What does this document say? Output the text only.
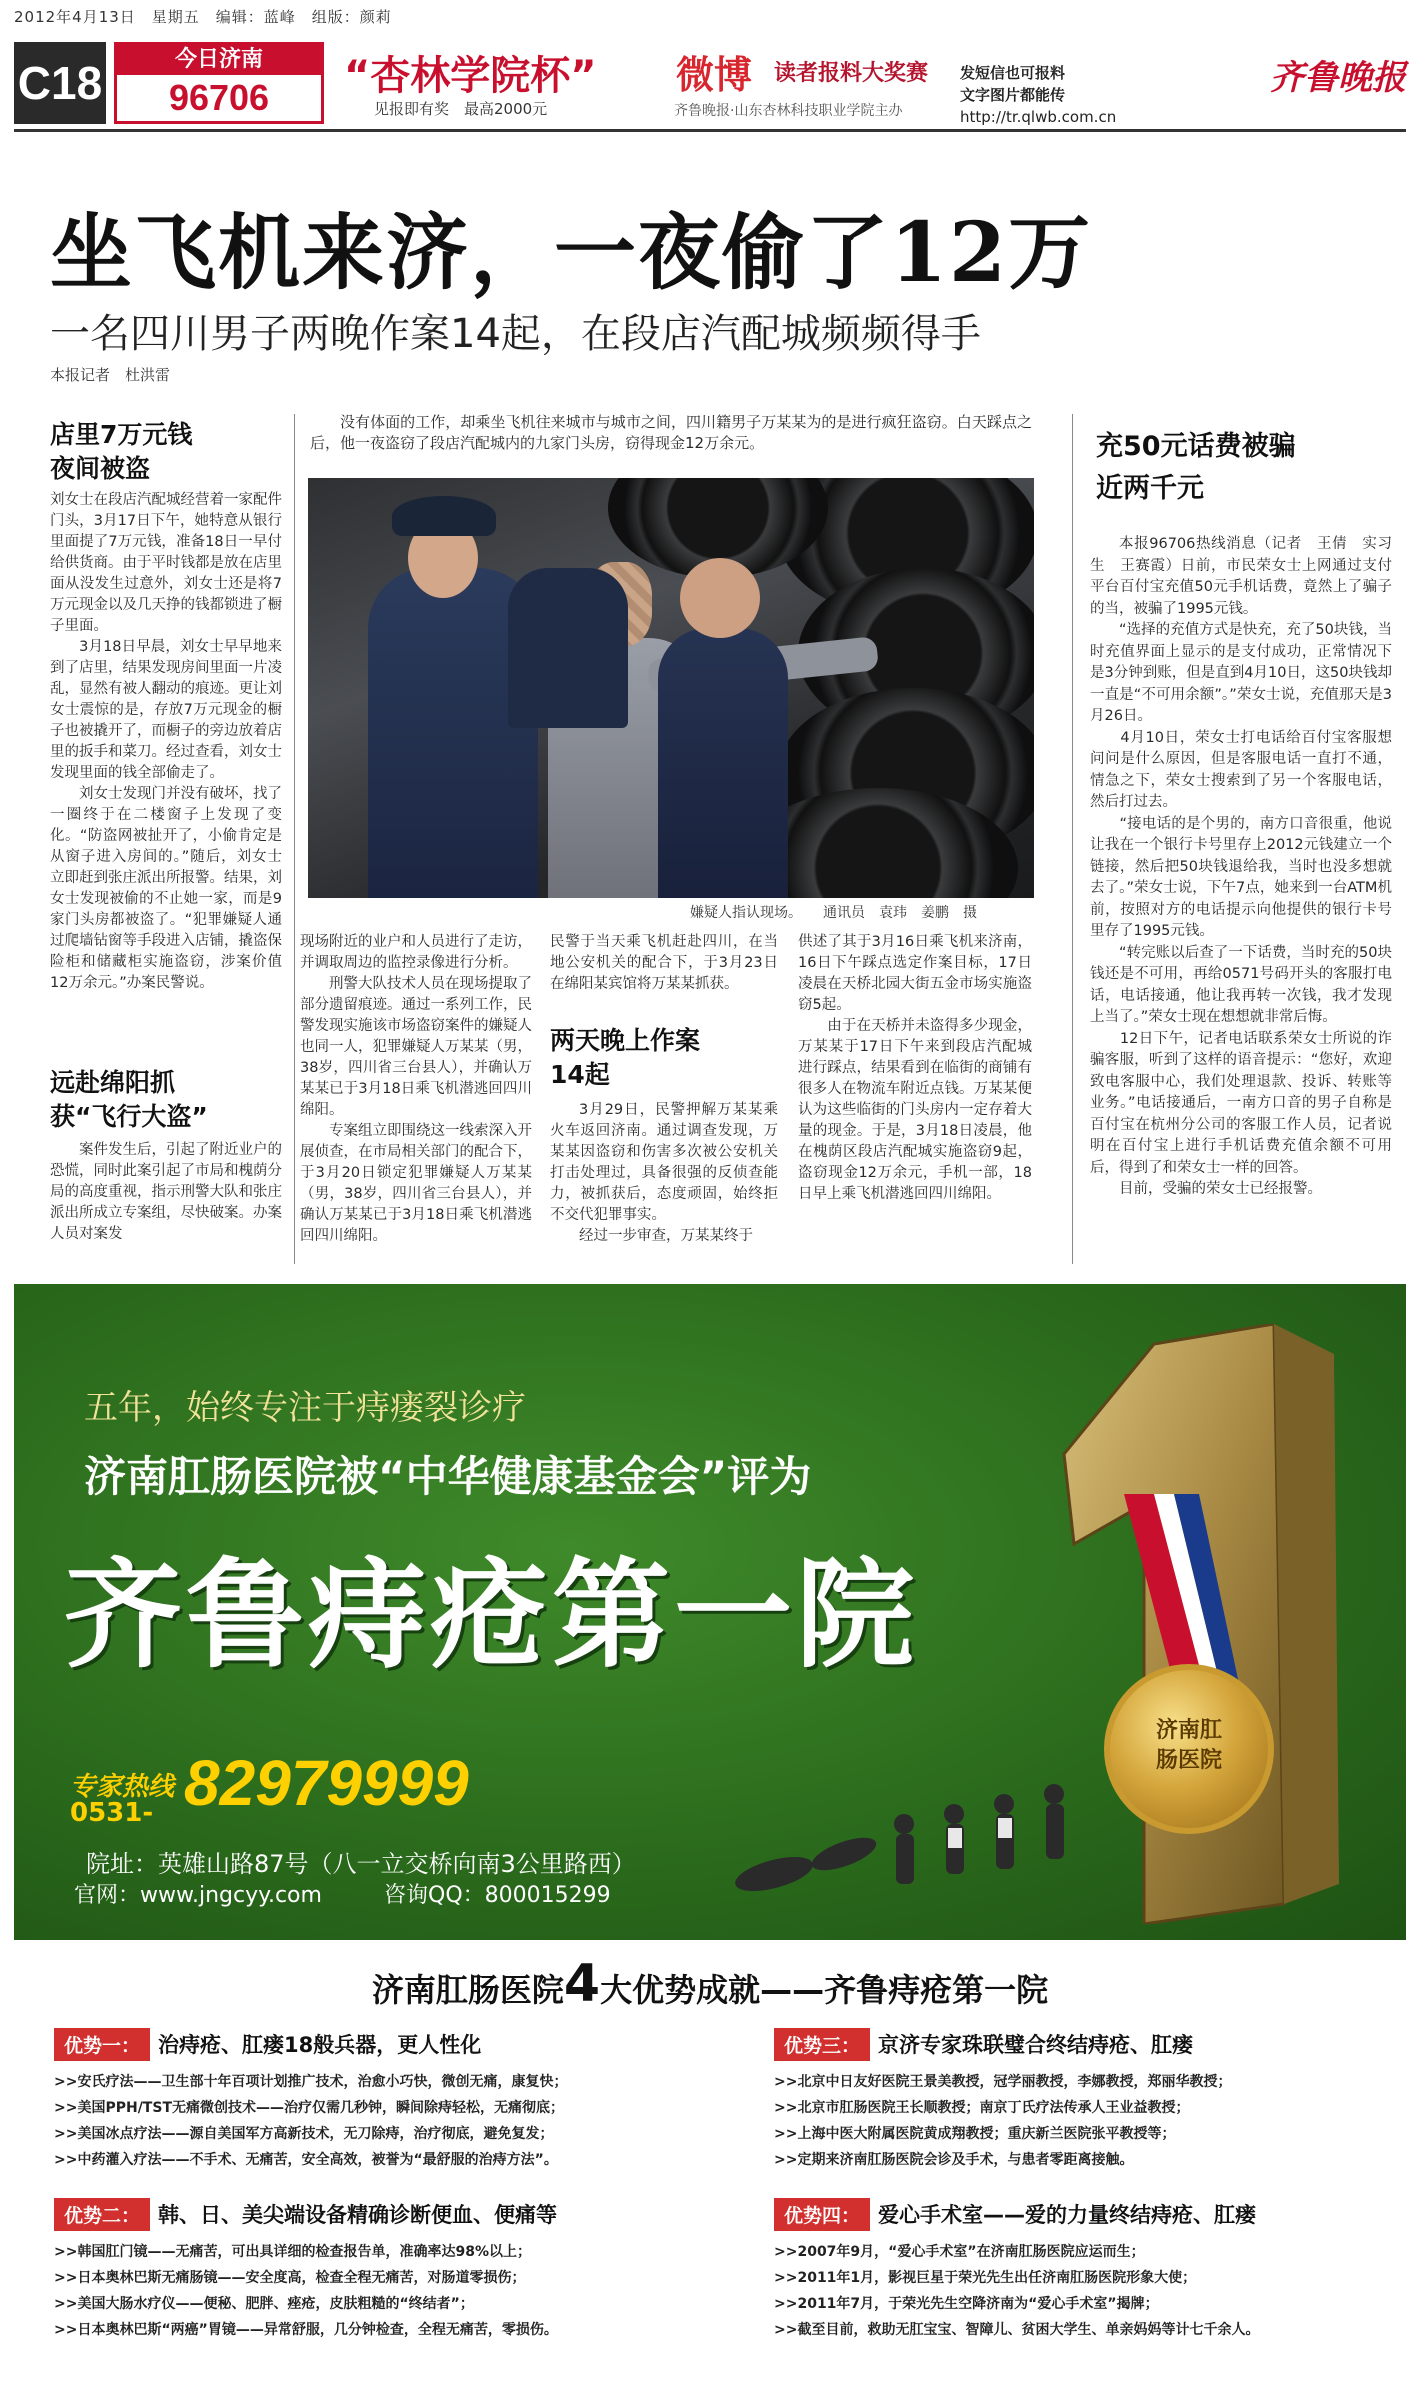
2012年4月13日　星期五　编辑：蓝峰　组版：颜莉
C18	今日济南
96706	“杏林学院杯”
见报即有奖　最高2000元
微博 读者报料大奖赛
齐鲁晚报·山东杏林科技职业学院主办
发短信也可报料
文字图片都能传
http://tr.qlwb.com.cn
齐鲁晚报
坐飞机来济，一夜偷了12万
一名四川男子两晚作案14起，在段店汽配城频频得手
本报记者　杜洪雷
店里7万元钱夜间被盗
刘女士在段店汽配城经营着一家配件门头，3月17日下午，她特意从银行里面提了7万元钱，准备18日一早付给供货商。由于平时钱都是放在店里面从没发生过意外，刘女士还是将7万元现金以及几天挣的钱都锁进了橱子里面。
　　3月18日早晨，刘女士早早地来到了店里，结果发现房间里面一片凌乱，显然有被人翻动的痕迹。更让刘女士震惊的是，存放7万元现金的橱子也被撬开了，而橱子的旁边放着店里的扳手和菜刀。经过查看，刘女士发现里面的钱全部偷走了。
　　刘女士发现门并没有破坏，找了一圈终于在二楼窗子上发现了变化。“防盗网被扯开了，小偷肯定是从窗子进入房间的。”随后，刘女士立即赶到张庄派出所报警。结果，刘女士发现被偷的不止她一家，而是9家门头房都被盗了。“犯罪嫌疑人通过爬墙钻窗等手段进入店铺，撬盗保险柜和储藏柜实施盗窃，涉案价值12万余元。”办案民警说。
远赴绵阳抓获“飞行大盗”
案件发生后，引起了附近业户的恐慌，同时此案引起了市局和槐荫分局的高度重视，指示刑警大队和张庄派出所成立专案组，尽快破案。办案人员对案发
没有体面的工作，却乘坐飞机往来城市与城市之间，四川籍男子万某某为的是进行疯狂盗窃。白天踩点之后，他一夜盗窃了段店汽配城内的九家门头房，窃得现金12万余元。
嫌疑人指认现场。　　通讯员　袁玮　姜鹏　摄
现场附近的业户和人员进行了走访，并调取周边的监控录像进行分析。
　　刑警大队技术人员在现场提取了部分遗留痕迹。通过一系列工作，民警发现实施该市场盗窃案件的嫌疑人也同一人，犯罪嫌疑人万某某（男，38岁，四川省三台县人），并确认万某某已于3月18日乘飞机潜逃回四川绵阳。
　　专案组立即围绕这一线索深入开展侦查，在市局相关部门的配合下，于3月20日锁定犯罪嫌疑人万某某（男，38岁，四川省三台县人），并确认万某某已于3月18日乘飞机潜逃回四川绵阳。
民警于当天乘飞机赶赴四川，在当地公安机关的配合下，于3月23日在绵阳某宾馆将万某某抓获。
两天晚上作案14起
3月29日，民警押解万某某乘火车返回济南。通过调查发现，万某某因盗窃和伤害多次被公安机关打击处理过，具备很强的反侦查能力，被抓获后，态度顽固，始终拒不交代犯罪事实。
　　经过一步审查，万某某终于
供述了其于3月16日乘飞机来济南，16日下午踩点选定作案目标，17日凌晨在天桥北园大街五金市场实施盗窃5起。
　　由于在天桥并未盗得多少现金，万某某于17日下午来到段店汽配城进行踩点，结果看到在临街的商铺有很多人在物流车附近点钱。万某某便认为这些临街的门头房内一定存着大量的现金。于是，3月18日凌晨，他在槐荫区段店汽配城实施盗窃9起，盗窃现金12万余元，手机一部，18日早上乘飞机潜逃回四川绵阳。
充50元话费被骗近两千元
本报96706热线消息（记者　王倩　实习生　王赛霞）日前，市民荣女士上网通过支付平台百付宝充值50元手机话费，竟然上了骗子的当，被骗了1995元钱。
　　“选择的充值方式是快充，充了50块钱，当时充值界面上显示的是支付成功，正常情况下是3分钟到账，但是直到4月10日，这50块钱却一直是“不可用余额”。”荣女士说，充值那天是3月26日。
　　4月10日，荣女士打电话给百付宝客服想问问是什么原因，但是客服电话一直打不通，情急之下，荣女士搜索到了另一个客服电话，然后打过去。
　　“接电话的是个男的，南方口音很重，他说让我在一个银行卡号里存上2012元钱建立一个链接，然后把50块钱退给我，当时也没多想就去了。”荣女士说，下午7点，她来到一台ATM机前，按照对方的电话提示向他提供的银行卡号里存了1995元钱。
　　“转完账以后查了一下话费，当时充的50块钱还是不可用，再给0571号码开头的客服打电话，电话接通，他让我再转一次钱，我才发现上当了。”荣女士现在想想就非常后悔。
　　12日下午，记者电话联系荣女士所说的诈骗客服，听到了这样的语音提示：“您好，欢迎致电客服中心，我们处理退款、投诉、转账等业务。”电话接通后，一南方口音的男子自称是百付宝在杭州分公司的客服工作人员，记者说明在百付宝上进行手机话费充值余额不可用后，得到了和荣女士一样的回答。
　　目前，受骗的荣女士已经报警。
五年，始终专注于痔瘘裂诊疗
济南肛肠医院被“中华健康基金会”评为
齐鲁痔疮第一院
专家热线
0531- 82979999
院址：英雄山路87号（八一立交桥向南3公里路西）
官网：www.jngcyy.com	咨询QQ：800015299
济南肛肠医院
济南肛肠医院4大优势成就——齐鲁痔疮第一院
优势一： 治痔疮、肛瘘18般兵器，更人性化
>>安氏疗法——卫生部十年百项计划推广技术，治愈小巧快，微创无痛，康复快；
>>美国PPH/TST无痛微创技术——治疗仅需几秒钟，瞬间除痔轻松，无痛彻底；
>>美国冰点疗法——源自美国军方高新技术，无刀除痔，治疗彻底，避免复发；
>>中药灌入疗法——不手术、无痛苦，安全高效，被誉为“最舒服的治痔方法”。
优势二： 韩、日、美尖端设备精确诊断便血、便痛等
>>韩国肛门镜——无痛苦，可出具详细的检查报告单，准确率达98%以上；
>>日本奥林巴斯无痛肠镜——安全度高，检查全程无痛苦，对肠道零损伤；
>>美国大肠水疗仪——便秘、肥胖、痤疮，皮肤粗糙的“终结者”；
>>日本奥林巴斯“两癌”胃镜——异常舒服，几分钟检查，全程无痛苦，零损伤。
优势三： 京济专家珠联璧合终结痔疮、肛瘘
>>北京中日友好医院王景美教授，冠学丽教授，李娜教授，郑丽华教授；
>>北京市肛肠医院王长顺教授；南京丁氏疗法传承人王业益教授；
>>上海中医大附属医院黄成翔教授；重庆新兰医院张平教授等；
>>定期来济南肛肠医院会诊及手术，与患者零距离接触。
优势四： 爱心手术室——爱的力量终结痔疮、肛瘘
>>2007年9月，“爱心手术室”在济南肛肠医院应运而生；
>>2011年1月，影视巨星于荣光先生出任济南肛肠医院形象大使；
>>2011年7月，于荣光先生空降济南为“爱心手术室”揭牌；
>>截至目前，救助无肛宝宝、智障儿、贫困大学生、单亲妈妈等计七千余人。
